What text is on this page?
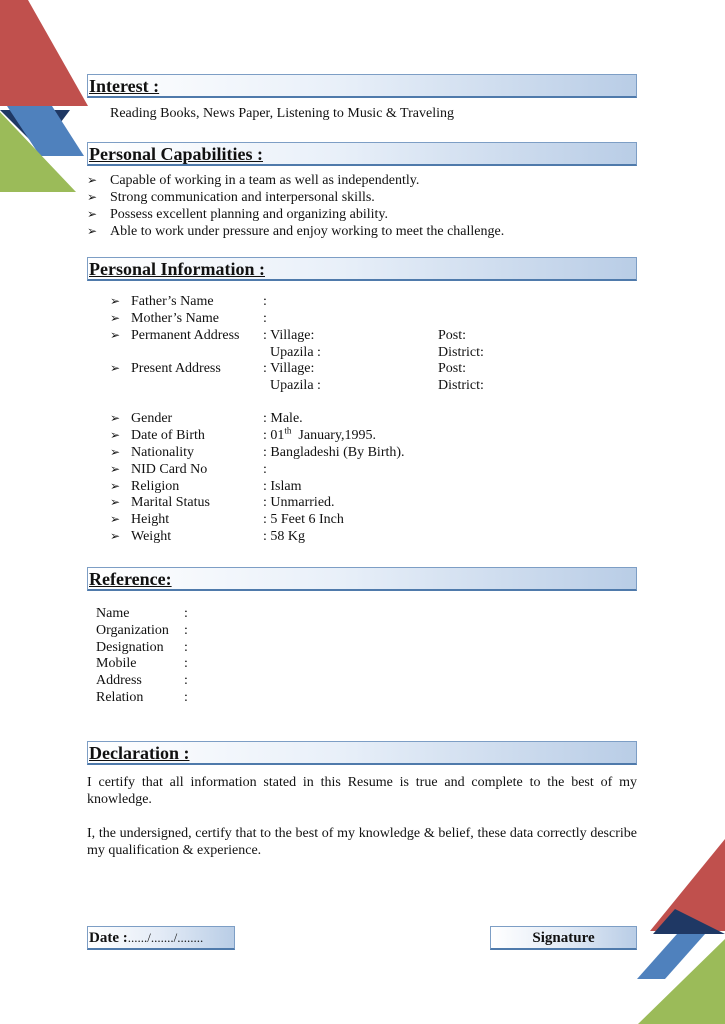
Interest :
Reading Books, News Paper, Listening to Music & Traveling
Personal Capabilities :
➢ Capable of working in a team as well as independently.
➢ Strong communication and interpersonal skills.
➢ Possess excellent planning and organizing ability.
➢ Able to work under pressure and enjoy working to meet the challenge.
Personal Information :
➢ Father’s Name	:
➢ Mother’s Name	:
➢ Permanent Address : Village:	Post:
Upazila :	District:
➢ Present Address	: Village:	Post:
Upazila :	District:
➢ Gender	: Male.
➢ Date of Birth	: 01th January,1995.
➢ Nationality	: Bangladeshi (By Birth).
➢ NID Card No	:
➢ Religion	: Islam
➢ Marital Status	: Unmarried.
➢ Height	: 5 Feet 6 Inch
➢ Weight	: 58 Kg
Reference:
Name	:
Organization :
Designation :
Mobile	:
Address	:
Relation	:
Declaration :
I certify that all information stated in this Resume is true and complete to the best of my knowledge.
I, the undersigned, certify that to the best of my knowledge & belief, these data correctly describe my qualification & experience.
Date :....../......./........	Signature
